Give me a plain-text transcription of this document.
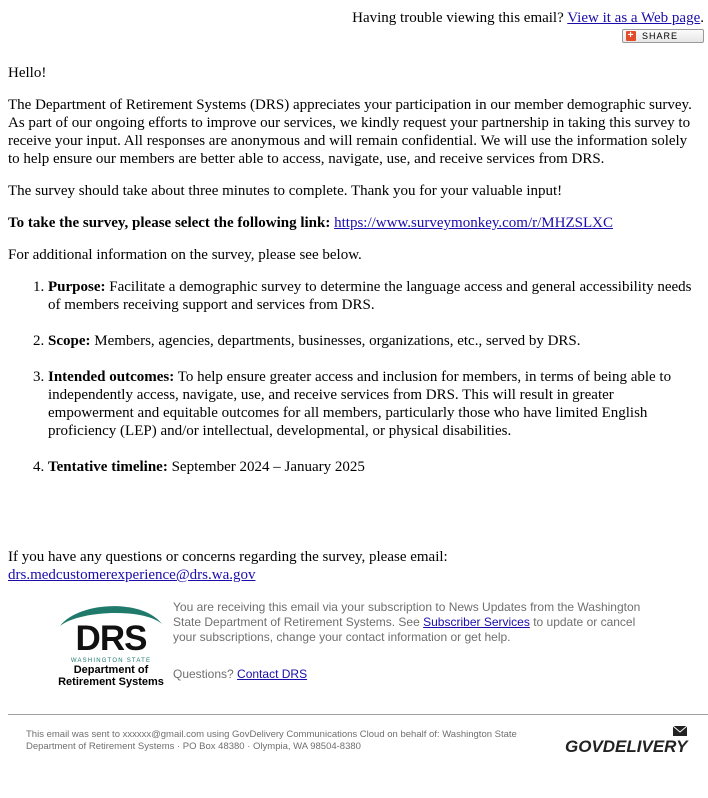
Having trouble viewing this email? View it as a Web page.
+ SHARE

Hello!

The Department of Retirement Systems (DRS) appreciates your participation in our member demographic survey. As part of our ongoing efforts to improve our services, we kindly request your partnership in taking this survey to receive your input. All responses are anonymous and will remain confidential. We will use the information solely to help ensure our members are better able to access, navigate, use, and receive services from DRS.

The survey should take about three minutes to complete. Thank you for your valuable input!

To take the survey, please select the following link: https://www.surveymonkey.com/r/MHZSLXC

For additional information on the survey, please see below.

1. Purpose: Facilitate a demographic survey to determine the language access and general accessibility needs of members receiving support and services from DRS.
2. Scope: Members, agencies, departments, businesses, organizations, etc., served by DRS.
3. Intended outcomes: To help ensure greater access and inclusion for members, in terms of being able to independently access, navigate, use, and receive services from DRS. This will result in greater empowerment and equitable outcomes for all members, particularly those who have limited English proficiency (LEP) and/or intellectual, developmental, or physical disabilities.
4. Tentative timeline: September 2024 – January 2025
If you have any questions or concerns regarding the survey, please email:
drs.medcustomerexperience@drs.wa.gov
DRS
WASHINGTON STATE
Department of
Retirement Systems
You are receiving this email via your subscription to News Updates from the Washington State Department of Retirement Systems. See Subscriber Services to update or cancel your subscriptions, change your contact information or get help.
Questions? Contact DRS
This email was sent to xxxxxx@gmail.com using GovDelivery Communications Cloud on behalf of: Washington State Department of Retirement Systems · PO Box 48380 · Olympia, WA 98504-8380	GOVDELIVERY
